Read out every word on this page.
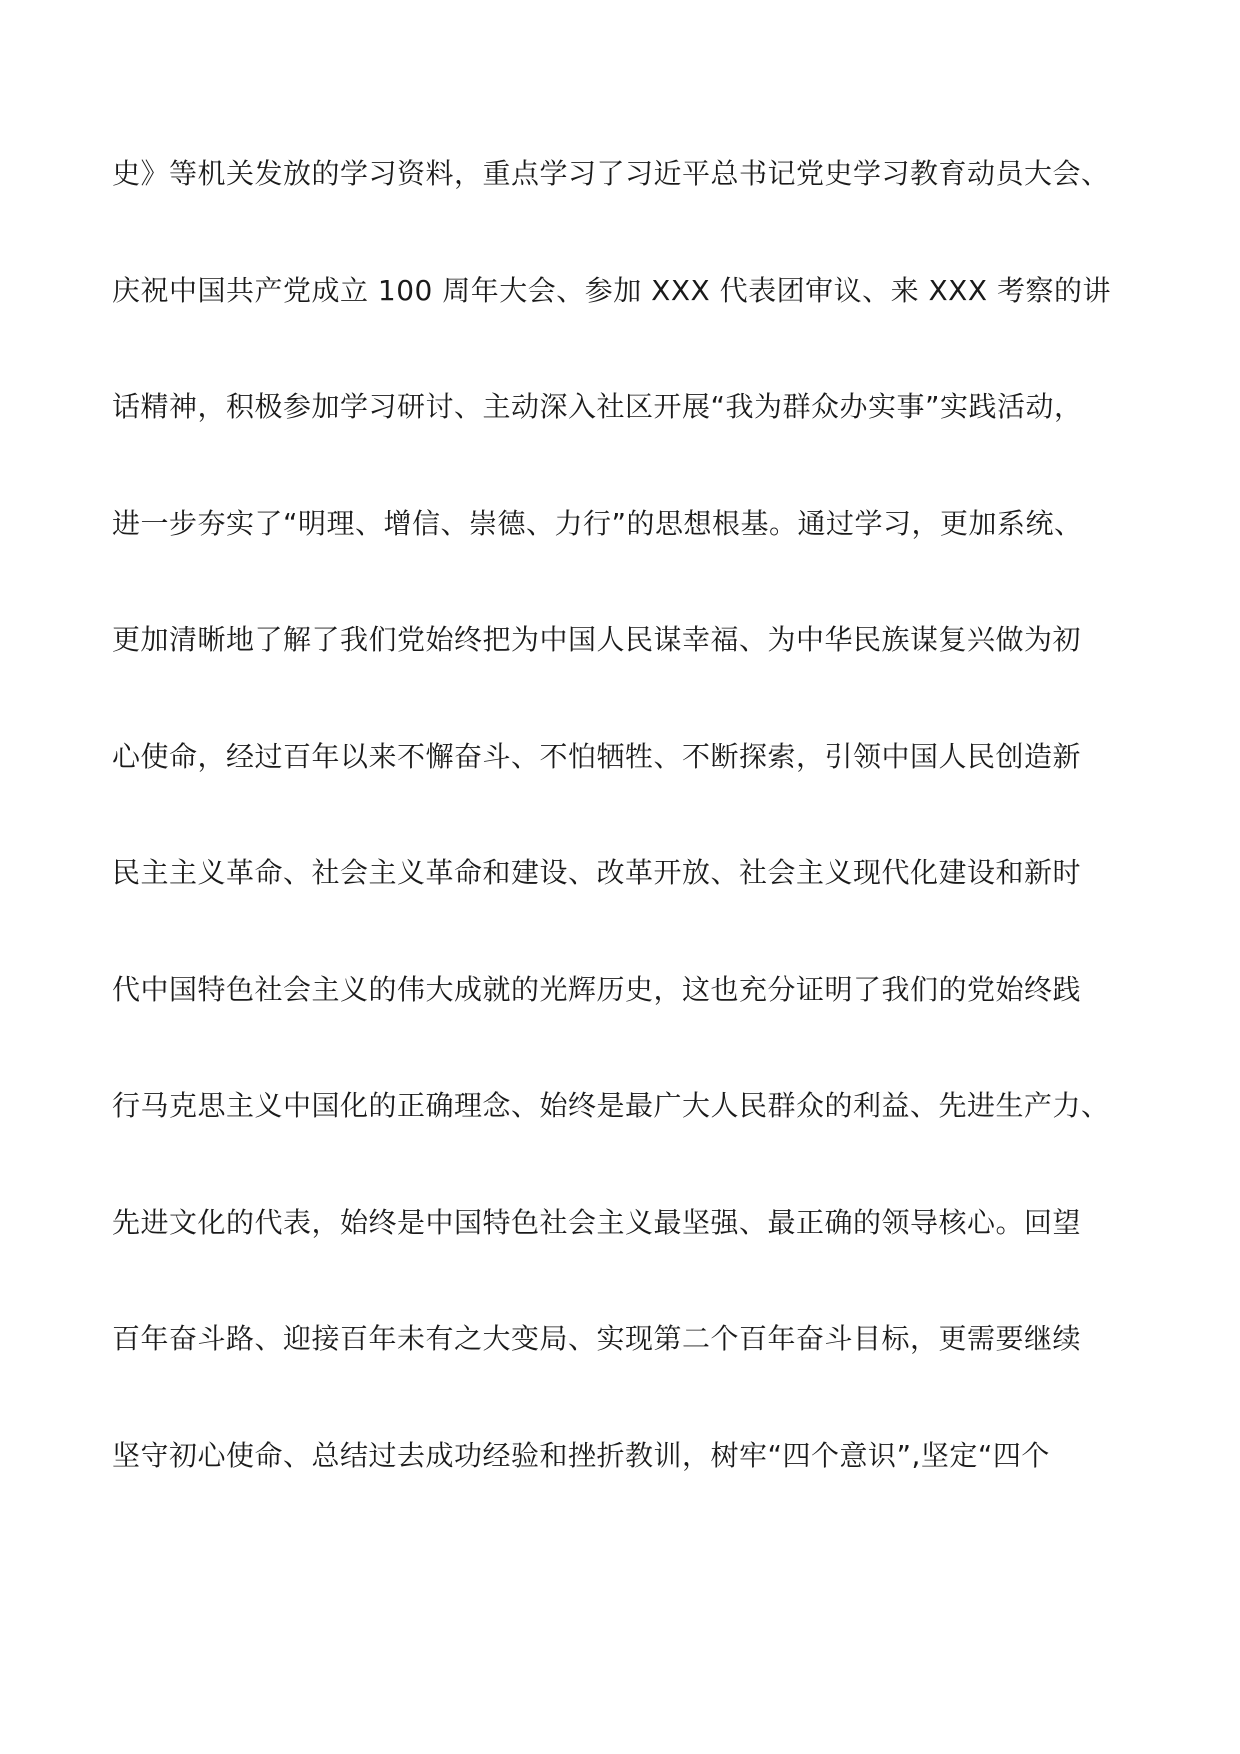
史》等机关发放的学习资料，重点学习了习近平总书记党史学习教育动员大会、

庆祝中国共产党成立 100 周年大会、参加 XXX 代表团审议、来 XXX 考察的讲

话精神，积极参加学习研讨、主动深入社区开展“我为群众办实事”实践活动，

进一步夯实了“明理、增信、崇德、力行”的思想根基。通过学习，更加系统、

更加清晰地了解了我们党始终把为中国人民谋幸福、为中华民族谋复兴做为初

心使命，经过百年以来不懈奋斗、不怕牺牲、不断探索，引领中国人民创造新

民主主义革命、社会主义革命和建设、改革开放、社会主义现代化建设和新时

代中国特色社会主义的伟大成就的光辉历史，这也充分证明了我们的党始终践

行马克思主义中国化的正确理念、始终是最广大人民群众的利益、先进生产力、

先进文化的代表，始终是中国特色社会主义最坚强、最正确的领导核心。回望

百年奋斗路、迎接百年未有之大变局、实现第二个百年奋斗目标，更需要继续

坚守初心使命、总结过去成功经验和挫折教训，树牢“四个意识”,坚定“四个
